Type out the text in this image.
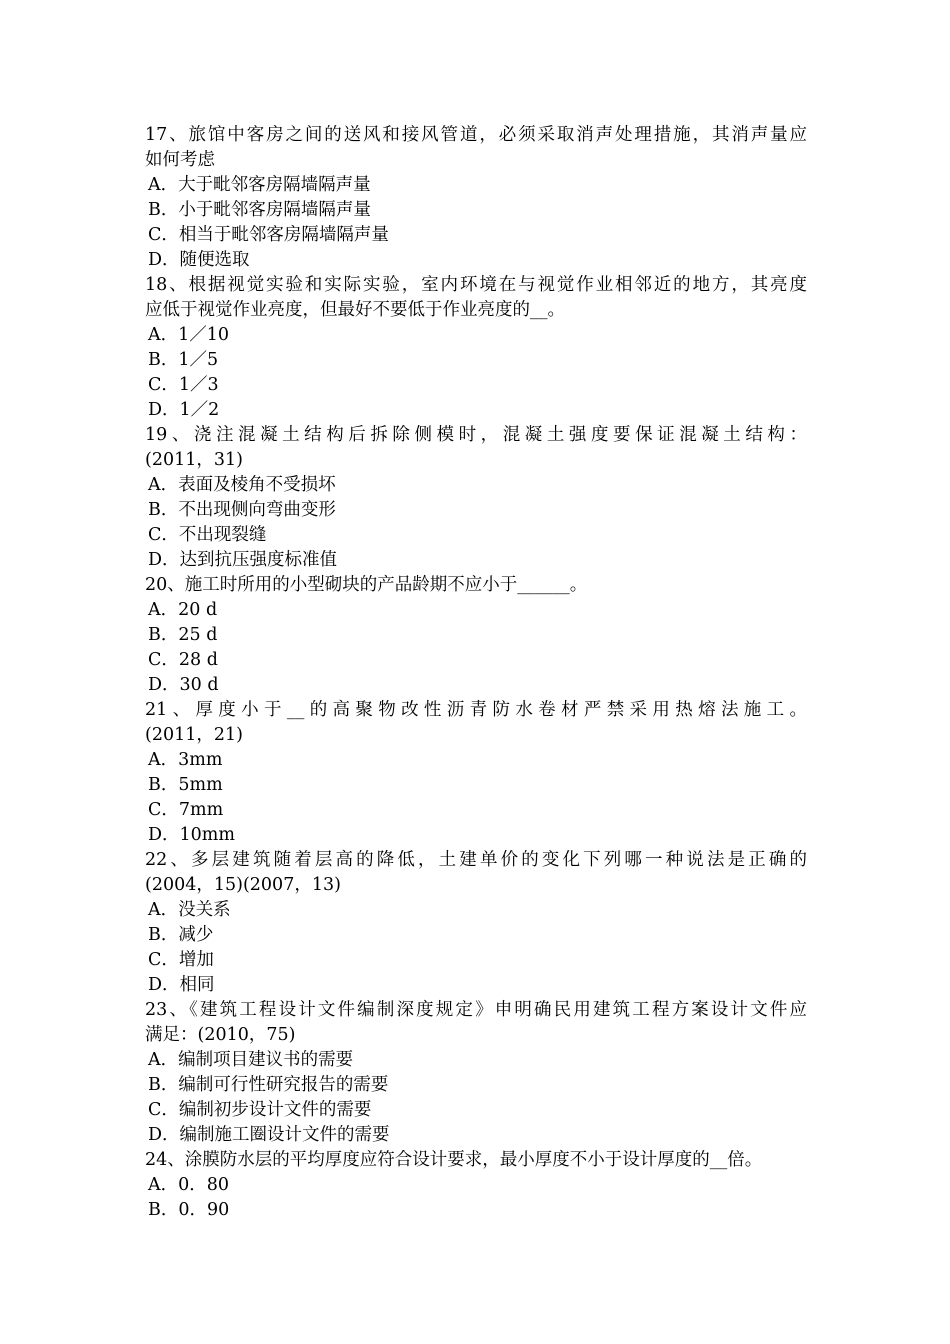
17、旅馆中客房之间的送风和接风管道，必须采取消声处理措施，其消声量应
如何考虑
A．大于毗邻客房隔墙隔声量
B．小于毗邻客房隔墙隔声量
C．相当于毗邻客房隔墙隔声量
D．随便选取
18、根据视觉实验和实际实验，室内环境在与视觉作业相邻近的地方，其亮度
应低于视觉作业亮度，但最好不要低于作业亮度的__。
A．1／10
B．1／5
C．1／3
D．1／2
19、浇注混凝土结构后拆除侧模时，混凝土强度要保证混凝土结构：
(2011，31)
A．表面及棱角不受损坏
B．不出现侧向弯曲变形
C．不出现裂缝
D．达到抗压强度标准值
20、施工时所用的小型砌块的产品龄期不应小于______。
A．20 d
B．25 d
C．28 d
D．30 d
21、厚度小于__的高聚物改性沥青防水卷材严禁采用热熔法施工。
(2011，21)
A．3mm
B．5mm
C．7mm
D．10mm
22、多层建筑随着层高的降低，土建单价的变化下列哪一种说法是正确的
(2004，15)(2007，13)
A．没关系
B．减少
C．增加
D．相同
23、《建筑工程设计文件编制深度规定》申明确民用建筑工程方案设计文件应
满足：(2010，75)
A．编制项目建议书的需要
B．编制可行性研究报告的需要
C．编制初步设计文件的需要
D．编制施工圈设计文件的需要
24、涂膜防水层的平均厚度应符合设计要求，最小厚度不小于设计厚度的__倍。
A．0．80
B．0．90
